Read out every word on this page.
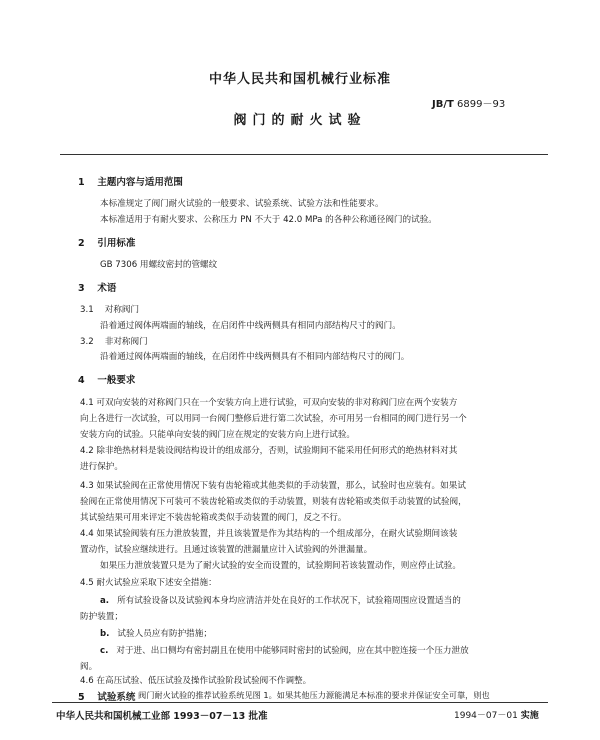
中华人民共和国机械行业标准
JB/T 6899－93
阀门的耐火试验
1 主题内容与适用范围
本标准规定了阀门耐火试验的一般要求、试验系统、试验方法和性能要求。
本标准适用于有耐火要求、公称压力 PN 不大于 42.0 MPa 的各种公称通径阀门的试验。
2 引用标准
GB 7306 用螺纹密封的管螺纹
3 术语
3.1 对称阀门
沿着通过阀体两端面的轴线，在启闭件中线两侧具有相同内部结构尺寸的阀门。
3.2 非对称阀门
沿着通过阀体两端面的轴线，在启闭件中线两侧具有不相同内部结构尺寸的阀门。
4 一般要求
4.1 可双向安装的对称阀门只在一个安装方向上进行试验，可双向安装的非对称阀门应在两个安装方
向上各进行一次试验，可以用同一台阀门整修后进行第二次试验，亦可用另一台相同的阀门进行另一个
安装方向的试验。只能单向安装的阀门应在规定的安装方向上进行试验。
4.2 除非绝热材料是装设阀结构设计的组成部分，否则，试验期间不能采用任何形式的绝热材料对其
进行保护。
4.3 如果试验阀在正常使用情况下装有齿轮箱或其他类似的手动装置，那么，试验时也应装有。如果试
验阀在正常使用情况下可装可不装齿轮箱或类似的手动装置，则装有齿轮箱或类似手动装置的试验阀，
其试验结果可用来评定不装齿轮箱或类似手动装置的阀门，反之不行。
4.4 如果试验阀装有压力泄放装置，并且该装置是作为其结构的一个组成部分，在耐火试验期间该装
置动作，试验应继续进行。且通过该装置的泄漏量应计入试验阀的外泄漏量。
如果压力泄放装置只是为了耐火试验的安全而设置的，试验期间若该装置动作，则应停止试验。
4.5 耐火试验应采取下述安全措施：
a. 所有试验设备以及试验阀本身均应清洁并处在良好的工作状况下，试验箱周围应设置适当的
防护装置；
b. 试验人员应有防护措施；
c. 对于进、出口侧均有密封副且在使用中能够同时密封的试验阀，应在其中腔连接一个压力泄放
阀。
4.6 在高压试验、低压试验及操作试验阶段试验阀不作调整。
5 试验系统
中华人民共和国机械工业部 1993－07－13 批准	1994－07－01 实施
阀门耐火试验的推荐试验系统见图 1。如果其他压力源能满足本标准的要求并保证安全可靠，则也
